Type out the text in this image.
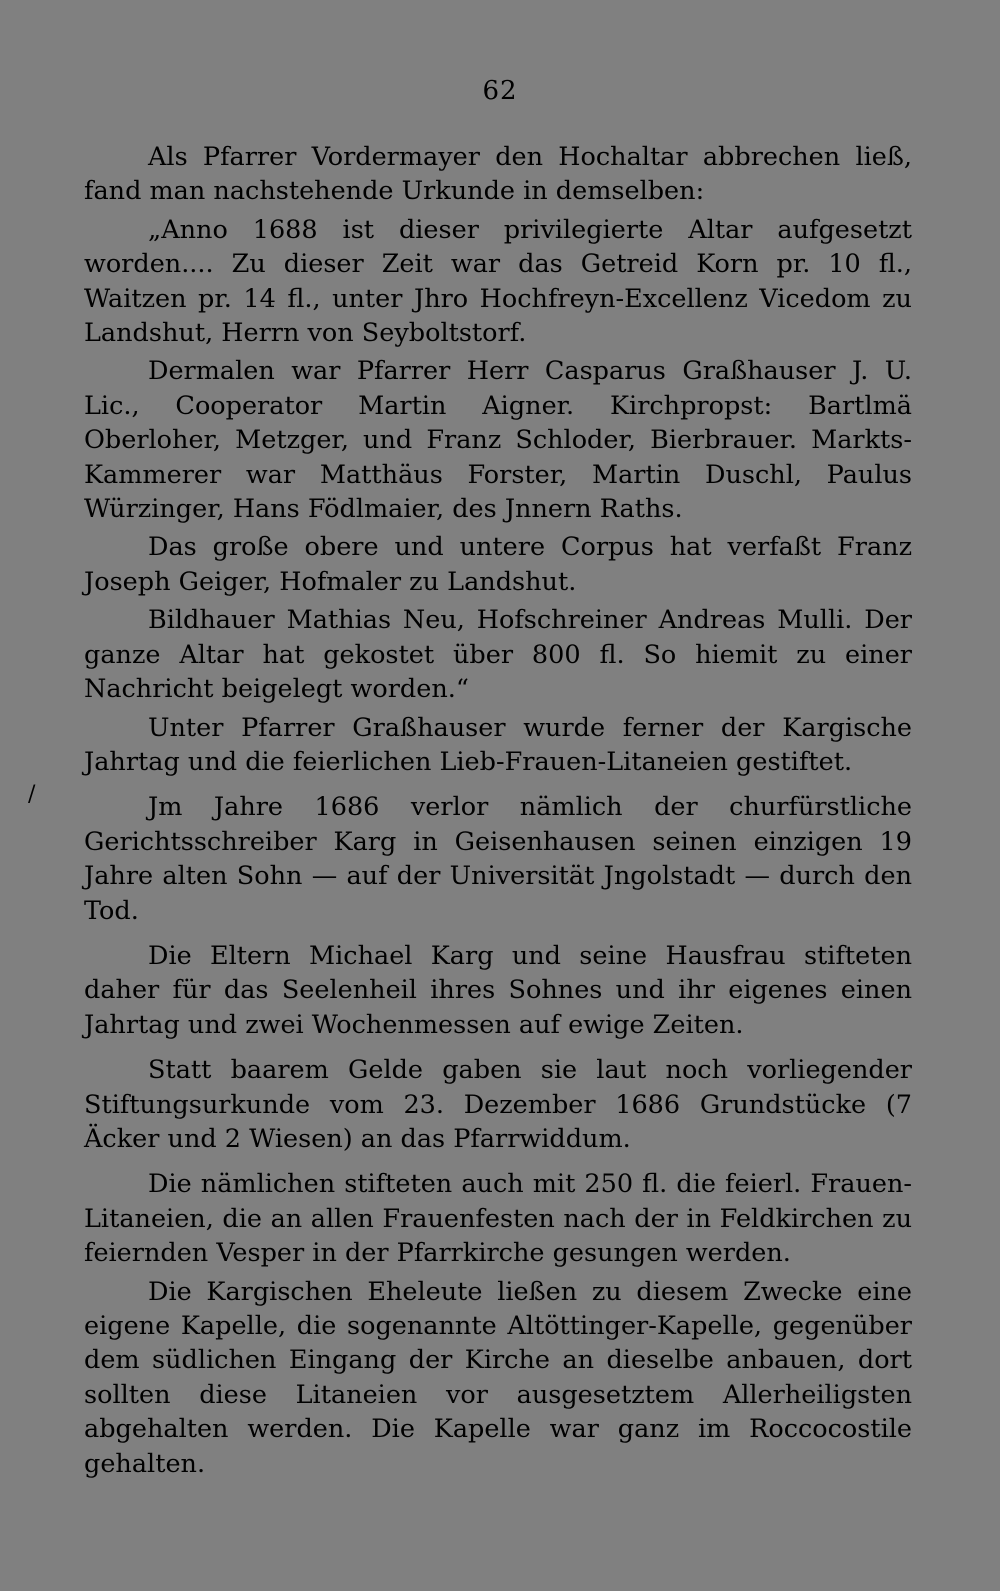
62
/

Als Pfarrer Vordermayer den Hochaltar abbrechen ließ, fand man nachstehende Urkunde in demselben:

„Anno 1688 ist dieser privilegierte Altar aufgesetzt worden.... Zu dieser Zeit war das Getreid Korn pr. 10 fl., Waitzen pr. 14 fl., unter Jhro Hochfreyn-Excellenz Vicedom zu Landshut, Herrn von Seyboltstorf.

Dermalen war Pfarrer Herr Casparus Graßhauser J. U. Lic., Cooperator Martin Aigner. Kirchpropst: Bartlmä Oberloher, Metzger, und Franz Schloder, Bierbrauer. Markts-Kammerer war Matthäus Forster, Martin Duschl, Paulus Würzinger, Hans Födlmaier, des Jnnern Raths.

Das große obere und untere Corpus hat verfaßt Franz Joseph Geiger, Hofmaler zu Landshut.

Bildhauer Mathias Neu, Hofschreiner Andreas Mulli. Der ganze Altar hat gekostet über 800 fl. So hiemit zu einer Nachricht beigelegt worden.“

Unter Pfarrer Graßhauser wurde ferner der Kargische Jahrtag und die feierlichen Lieb-Frauen-Litaneien gestiftet.

Jm Jahre 1686 verlor nämlich der churfürstliche Gerichtsschreiber Karg in Geisenhausen seinen einzigen 19 Jahre alten Sohn — auf der Universität Jngolstadt — durch den Tod.

Die Eltern Michael Karg und seine Hausfrau stifteten daher für das Seelenheil ihres Sohnes und ihr eigenes einen Jahrtag und zwei Wochenmessen auf ewige Zeiten.

Statt baarem Gelde gaben sie laut noch vorliegender Stiftungsurkunde vom 23. Dezember 1686 Grundstücke (7 Äcker und 2 Wiesen) an das Pfarrwiddum.

Die nämlichen stifteten auch mit 250 fl. die feierl. Frauen-Litaneien, die an allen Frauenfesten nach der in Feldkirchen zu feiernden Vesper in der Pfarrkirche gesungen werden.

Die Kargischen Eheleute ließen zu diesem Zwecke eine eigene Kapelle, die sogenannte Altöttinger-Kapelle, gegenüber dem südlichen Eingang der Kirche an dieselbe anbauen, dort sollten diese Litaneien vor ausgesetztem Allerheiligsten abgehalten werden. Die Kapelle war ganz im Roccocostile gehalten.
